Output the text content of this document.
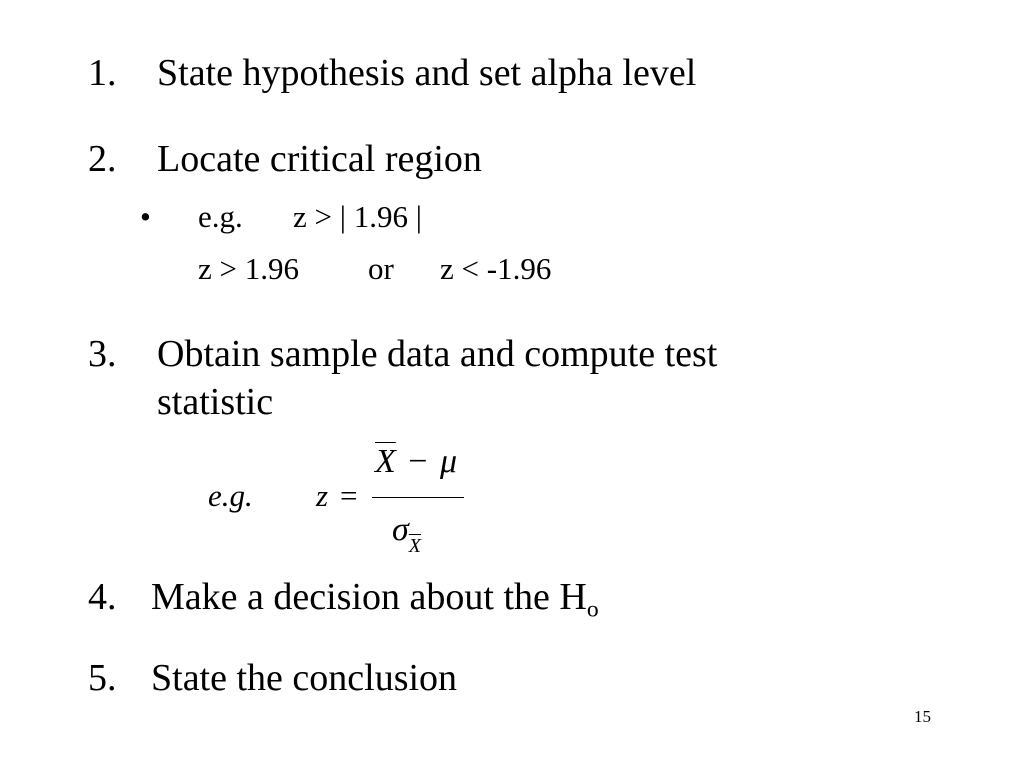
1. State hypothesis and set alpha level
2. Locate critical region
• e.g. z > | 1.96 |
z > 1.96 or z < -1.96
3. Obtain sample data and compute test
statistic
e.g. z =
$\overline{X} - \mu$
$\sigma_{\overline{X}}$
4. Make a decision about the $H_o$
5. State the conclusion
15
